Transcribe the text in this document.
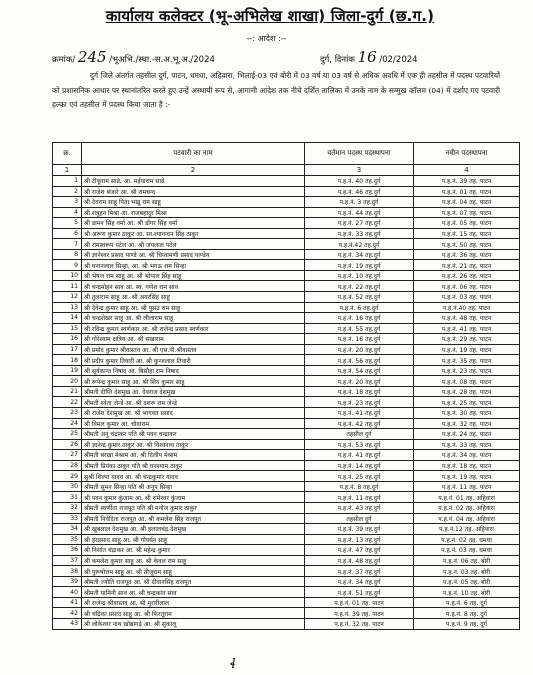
कार्यालय कलेक्टर (भू-अभिलेख शाखा) जिला-दुर्ग (छ.ग.)
--: आदेश :--
क्रमांक/ 245 /भूअभि./स्था.-स.अ.भू.अ./2024	दुर्ग, दिनांक 16 /02/2024
दुर्ग जिले अंतर्गत तहसील दुर्ग, पाटन, धमधा, अहिवारा, भिलाई-03 एवं बोरी में 03 वर्ष या 03 वर्ष से अधिक अवधि में एक ही तहसील में पदस्थ पटवारियों को प्रशासनिक आधार पर स्थानांतरित करते हुए उन्हें अस्थायी रूप से, आगामी आदेश तक नीचे दर्शित तालिका में उनके नाम के सम्मुख कॉलम (04) में दर्शाए गए पटवारी हल्का एवं तहसील में पदस्थ किया जाता है :-
क्र.	पटवारी का नाम	वर्तमान पदस्थ पदस्थापना	नवीन पदस्थापना
1	2	3	4
1	श्री टीकूराम साव्रे, आ. मईयाराम साव्रे	प.ह.नं. 40 तह.दुर्ग	प.ह.नं. 39 तह. पाटन
2	श्री राजेश बंजारे आ. श्री रामचन्द	प.ह.नं. 46 तह.दुर्ग	प.ह.नं. 01 तह. पाटन
3	श्री देवराम साहू पिता भखू राम साहू	प.ह.नं. 3 तह.दुर्ग	प.ह.नं. 04 तह. पाटन
4	श्री शत्रुहन मिश्रा आ. राजबहादुर मिश्रा	प.ह.नं. 44 तह.दुर्ग	प.ह.नं. 07 तह. पाटन
5	श्री डामन सिंह वर्मा आ. श्री डोंगर सिंह वर्मा	प.ह.नं. 27 तह.दुर्ग	प.ह.नं. 05 तह. पाटन
6	श्री अरूण कुमार ठाकुर आ. स्व.श्यानन्दन सिंह ठाकुर	प.ह.नं. 33 तह.दुर्ग	प.ह.नं. 15 तह. पाटन
7	श्री रामस्वरूप पटेल आ. श्री जयलाल पटेल	प.ह.नं.42 तह.दुर्ग	प.ह.नं. 50 तह. पाटन
8	श्री ज्ञानेश्वर प्रसाद पाण्डे आ. श्री चिन्तामणी प्रसाद पाण्डेय	प.ह.नं. 34 तह.दुर्ग	प.ह.नं. 36 तह. पाटन
9	श्री घनानलाल सिन्हा, आ. श्री भगऊ राम सिन्हा	प.ह.नं. 19 तह.दुर्ग	प.ह.नं. 21 तह. पाटन
10	श्री भेषज राम साहू आ. श्री भोपाल सिंह साहू	प.ह.नं. 10 तह.दुर्ग	प.ह.नं. 26 तह. पाटन
11	श्री चन्द्रमोहन साव आ. स्व. गणेश राम साव	प.ह.नं. 22 तह.दुर्ग	प.ह.नं. 06 तह. पाटन
12	श्री तुलाराम साहू आ. श्री अगरसिंह साहू	प.ह.नं. 52 तह.दुर्ग	प.ह.नं. 03 तह. पाटन
13	श्री देवेन्द्र कुमार साहू आ. श्री पुसउ राम साहू	प.ह.नं. 6 तह.दुर्ग	प.ह.नं.40 तह. पाटन
14	श्री चन्द्रशेखर साहू आ. श्री लीलाराम साहू	प.ह.नं. 16 तह.दुर्ग	प.ह.नं. 48 तह. पाटन
15	श्री रविन्द्र कुमार स्वर्णकार आ. श्री राजेन्द्र प्रसाद स्वर्णकार	प.ह.नं. 55 तह.दुर्ग	प.ह.नं. 41 तह. पाटन
16	श्री गोरेश्याम क्षत्रिय आ. श्री सखाराम	प.ह.नं. 16 तह.दुर्ग	प.ह.नं. 29 तह. पाटन
17	श्री प्रमोद कुमार श्रीवास्तव आ. श्री एस.पी.श्रीवास्तव	प.ह.नं. 20 तह.दुर्ग	प.ह.नं. 19 तह. पाटन
18	श्री प्रदीप कुमार तिवारी आ. श्री कुन्जलाल तिवारी	प.ह.नं. 56 तह.दुर्ग	प.ह.नं. 35 तह. पाटन
19	श्री सूर्यकान्त निषाद आ. बिसौहा राम निषाद	प.ह.नं. 54 तह.दुर्ग	प.ह.नं. 23 तह. पाटन
20	श्री रूपेन्द्र कुमार साहू आ. श्री शिव कुमार साहू	प.ह.नं. 20 तह.दुर्ग	प.ह.नं. 08 तह. पाटन
21	श्रीमती दीप्ति देशमुख आ. देवराज देशमुख	प.ह.नं. 18 तह.दुर्ग	प.ह.नं. 28 तह. पाटन
22	श्रीमती श्वेता जेन्डे आ. श्री दशरू राम जेन्डे	प.ह.नं. 23 तह.दुर्ग	प.ह.नं. 25 तह. पाटन
23	श्री राजेश देशमुख आ. श्री भागवत प्रसाद	प.ह.नं. 41 तह.दुर्ग	प.ह.नं. 30 तह. पाटन
24	श्री विमल कुमार आ. चोवाराम	प.ह.नं. 42 तह.दुर्ग	प.ह.नं. 32 तह. पाटन
25	श्रीमती अनु चंद्राकर पति श्री पवन चन्द्राकर	तहसील दुर्ग	प.ह.नं. 24 तह. पाटन
26	श्री ज्ञानेन्द्र कुमार ठाकुर आ. श्री विश्वनाथ ठाकुर	प.ह.नं. 53 तह.दुर्ग	प.ह.नं. 33 तह. पाटन
27	श्रीमती बरखा मेश्राम आ. श्री दिलीप मेश्राम	प.ह.नं. 41 तह.दुर्ग	प.ह.नं. 34 तह. पाटन
28	श्रीमती प्रियंका ठाकुर पति श्री घनश्याम ठाकुर	प.ह.नं. 14 तह.दुर्ग	प.ह.नं. 18 तह. पाटन
29	सुश्री शिल्पा यादव आ. श्री चन्द्रकुमार यादव	प.ह.नं. 25 तह.दुर्ग	प.ह.नं. 19 तह. पाटन
30	श्रीमती सुमन सिन्हा पति श्री अनूप सिन्हा	प.ह.नं. 8 तह.दुर्ग	प.ह.नं. 11 तह. पाटन
31	श्री पवन कुमार कुंजाम आ. श्री रामेश्वर कुंजाम	प.ह.नं. 11 तह.दुर्ग	प.ह.नं. 01 तह. अहिवारा
32	श्रीमती स्वर्णीता राजपूत पति श्री मनोज कुमार ठाकुर	प.ह.नं. 43 तह.दुर्ग	प.ह.नं. 02 तह. अहिवारा
33	श्रीमती निवेदिता राजपूत आ. श्री कमलेश सिंह राजपूत	तहसील दुर्ग	प.ह.नं. 04 तह. अहिवारा
34	श्री खुबलाल देशमुख आ. श्री हलालचंद्र देशमुख	प.ह.नं. 39 तह.दुर्ग	प.ह.नं.12 तह. अहिवारा
35	श्री हरप्रसाद साहू आ. श्री गोवर्धन साहू	प.ह.नं. 13 तह.दुर्ग	प.ह.नं. 02 तह. धमधा
36	श्री निशांत चंद्राकर आ. श्री महेन्द्र कुमार	प.ह.नं. 47 तह.दुर्ग	प.ह.नं. 03 तह. धमधा
37	श्री कमलेश कुमार साहू आ. श्री केवल राम साहू	प.ह.नं. 48 तह.दुर्ग	प.ह.नं. 06 तह. बोरी
38	श्री पुरूषोत्तम साहू आ. श्री तीजूराम साहू	प.ह.नं. 37 तह.दुर्ग	प.ह.नं. 03 तह. बोरी
39	श्रीमती ज्योति राजपूत आ. श्री दीवानसिंह राजपूत	प.ह.नं. 34 तह.दुर्ग	प.ह.नं. 05 तह. बोरी
40	श्रीमती यामिनी साव आ. श्री चन्द्रकांत साव	प.ह.नं. 51 तह.दुर्ग	प.ह.नं. 10 तह. बोरी
41	श्री राजेन्द्र श्रीवास्तव आ. श्री मुरारीलाल	प.ह.नं. 01 तह. पाटन	प.ह.नं. 6 तह. दुर्ग
42	श्री चंद्रिका प्रसाद साहू आ. श्री फिरतूराम	प.ह.नं. 39 तह. पाटन	प.ह.नं. 8 तह. दुर्ग
43	श्री लोकेश्वर नाथ खोब्रागढ़े आ. श्री सुकालू	प.ह.नं. 32 तह. पाटन	प.ह.नं. 9 तह. दुर्ग
ɬ
